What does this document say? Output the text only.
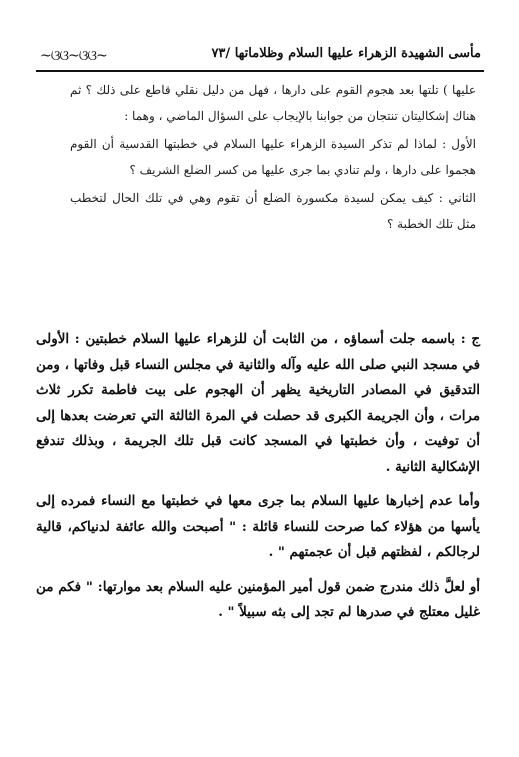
مأسى الشهيدة الزهراء عليها السلام وظلاماتها /٧٣
~ଓଓ~ଓଓ~

عليها ) تلتها بعد هجوم القوم على دارها ، فهل من دليل نقلي قاطع على ذلك ؟ ثم هناك إشكاليتان تنتجان من جوابنا بالإيجاب على السؤال الماضي ، وهما :

الأول : لماذا لم تذكر السيدة الزهراء عليها السلام في خطبتها القدسية أن القوم هجموا على دارها ، ولم تنادي بما جرى عليها من كسر الضلع الشريف ؟

الثاني : كيف يمكن لسيدة مكسورة الضلع أن تقوم وهي في تلك الحال لتخطب مثل تلك الخطبة ؟

ج : باسمه جلت أسماؤه ، من الثابت أن للزهراء عليها السلام خطبتين : الأولى في مسجد النبي صلى الله عليه وآله والثانية في مجلس النساء قبل وفاتها ، ومن التدقيق في المصادر التاريخية يظهر أن الهجوم على بيت فاطمة تكرر ثلاث مرات ، وأن الجريمة الكبرى قد حصلت في المرة الثالثة التي تعرضت بعدها إلى أن توفيت ، وأن خطبتها في المسجد كانت قبل تلك الجريمة ، وبذلك تندفع الإشكالية الثانية .

وأما عدم إخبارها عليها السلام بما جرى معها في خطبتها مع النساء فمرده إلى يأسها من هؤلاء كما صرحت للنساء قائلة : " أصبحت والله عائفة لدنياكم، قالية لرجالكم ، لفظتهم قبل أن عجمتهم " .

أو لعلَّ ذلك مندرج ضمن قول أمير المؤمنين عليه السلام بعد موارتها: " فكم من غليل معتلج في صدرها لم تجد إلى بثه سبيلاً " .
